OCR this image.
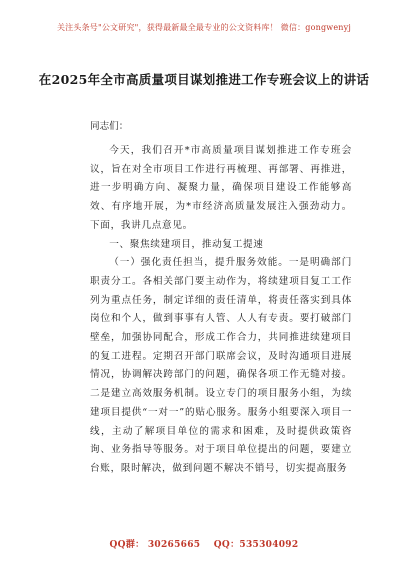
关注头条号"公文研究"，获得最新最全最专业的公文资料库！ 微信：gongwenyj
在2025年全市高质量项目谋划推进工作专班会议上的讲话

同志们：

今天，我们召开*市高质量项目谋划推进工作专班会议，旨在对全市项目工作进行再梳理、再部署、再推进，进一步明确方向、凝聚力量，确保项目建设工作能够高效、有序地开展，为*市经济高质量发展注入强劲动力。下面，我讲几点意见。

一、聚焦续建项目，推动复工提速

（一）强化责任担当，提升服务效能。一是明确部门职责分工。各相关部门要主动作为，将续建项目复工工作列为重点任务，制定详细的责任清单，将责任落实到具体岗位和个人，做到事事有人管、人人有专责。要打破部门壁垒，加强协同配合，形成工作合力，共同推进续建项目的复工进程。定期召开部门联席会议，及时沟通项目进展情况，协调解决跨部门的问题，确保各项工作无缝对接。二是建立高效服务机制。设立专门的项目服务小组，为续建项目提供“一对一”的贴心服务。服务小组要深入项目一线，主动了解项目单位的需求和困难，及时提供政策咨询、业务指导等服务。对于项目单位提出的问题，要建立台账，限时解决，做到问题不解决不销号，切实提高服务

QQ群： 30265665 QQ：535304092
